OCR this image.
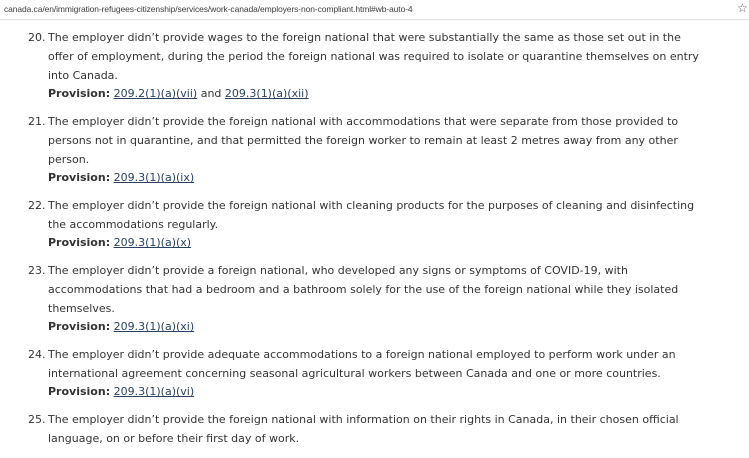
canada.ca/en/immigration-refugees-citizenship/services/work-canada/employers-non-compliant.html#wb-auto-4	☆
20. The employer didn’t provide wages to the foreign national that were substantially the same as those set out in the offer of employment, during the period the foreign national was required to isolate or quarantine themselves on entry into Canada.

Provision: 209.2(1)(a)(vii) and 209.3(1)(a)(xii)

21. The employer didn’t provide the foreign national with accommodations that were separate from those provided to persons not in quarantine, and that permitted the foreign worker to remain at least 2 metres away from any other person.

Provision: 209.3(1)(a)(ix)

22. The employer didn’t provide the foreign national with cleaning products for the purposes of cleaning and disinfecting the accommodations regularly.

Provision: 209.3(1)(a)(x)

23. The employer didn’t provide a foreign national, who developed any signs or symptoms of COVID-19, with accommodations that had a bedroom and a bathroom solely for the use of the foreign national while they isolated themselves.

Provision: 209.3(1)(a)(xi)

24. The employer didn’t provide adequate accommodations to a foreign national employed to perform work under an international agreement concerning seasonal agricultural workers between Canada and one or more countries.

Provision: 209.3(1)(a)(vi)

25. The employer didn’t provide the foreign national with information on their rights in Canada, in their chosen official language, on or before their first day of work.
